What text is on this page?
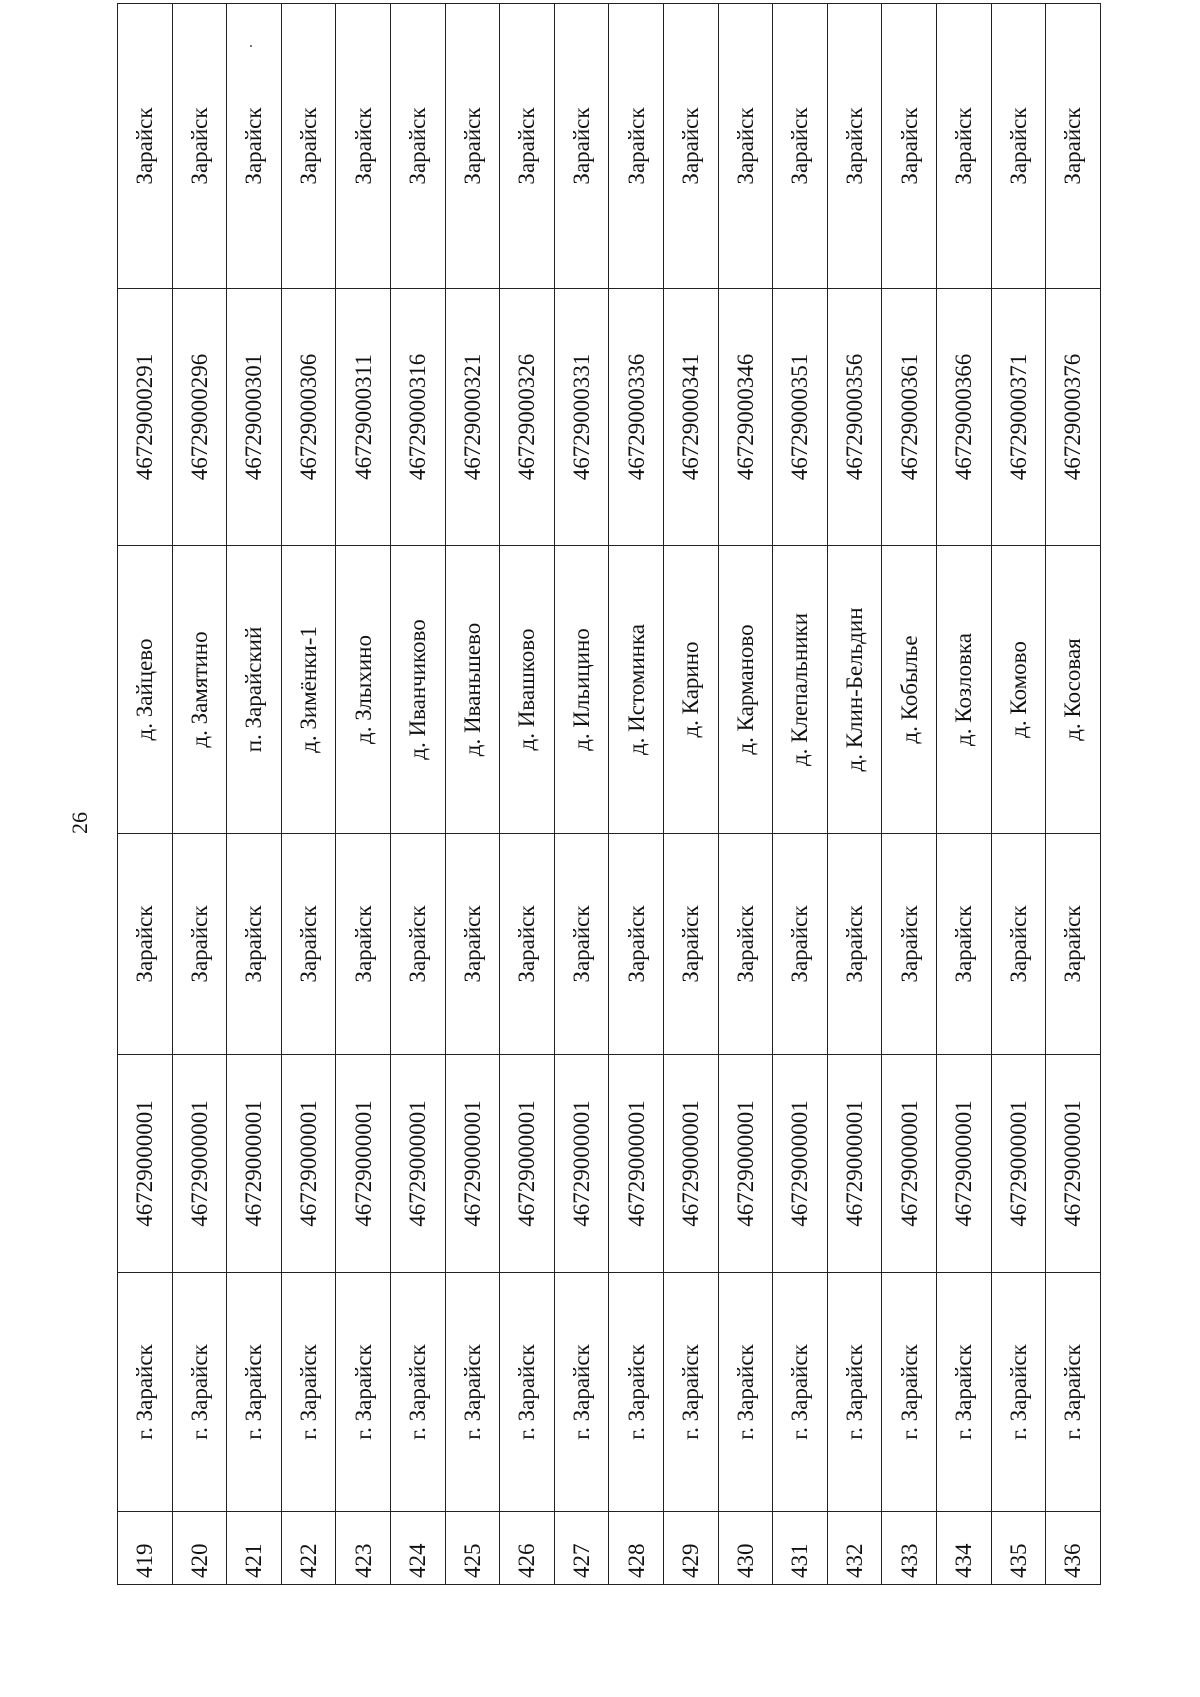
26
419	г. Зарайск	46729000001	Зарайск	д. Зайцево	46729000291	Зарайск
420	г. Зарайск	46729000001	Зарайск	д. Замятино	46729000296	Зарайск
421	г. Зарайск	46729000001	Зарайск	п. Зарайский	46729000301	Зарайск
422	г. Зарайск	46729000001	Зарайск	д. Зимёнки-1	46729000306	Зарайск
423	г. Зарайск	46729000001	Зарайск	д. Злыхино	46729000311	Зарайск
424	г. Зарайск	46729000001	Зарайск	д. Иванчиково	46729000316	Зарайск
425	г. Зарайск	46729000001	Зарайск	д. Иваньшево	46729000321	Зарайск
426	г. Зарайск	46729000001	Зарайск	д. Ивашково	46729000326	Зарайск
427	г. Зарайск	46729000001	Зарайск	д. Ильицино	46729000331	Зарайск
428	г. Зарайск	46729000001	Зарайск	д. Истоминка	46729000336	Зарайск
429	г. Зарайск	46729000001	Зарайск	д. Карино	46729000341	Зарайск
430	г. Зарайск	46729000001	Зарайск	д. Карманово	46729000346	Зарайск
431	г. Зарайск	46729000001	Зарайск	д. Клепальники	46729000351	Зарайск
432	г. Зарайск	46729000001	Зарайск	д. Клин-Бельдин	46729000356	Зарайск
433	г. Зарайск	46729000001	Зарайск	д. Кобылье	46729000361	Зарайск
434	г. Зарайск	46729000001	Зарайск	д. Козловка	46729000366	Зарайск
435	г. Зарайск	46729000001	Зарайск	д. Комово	46729000371	Зарайск
436	г. Зарайск	46729000001	Зарайск	д. Косовая	46729000376	Зарайск
